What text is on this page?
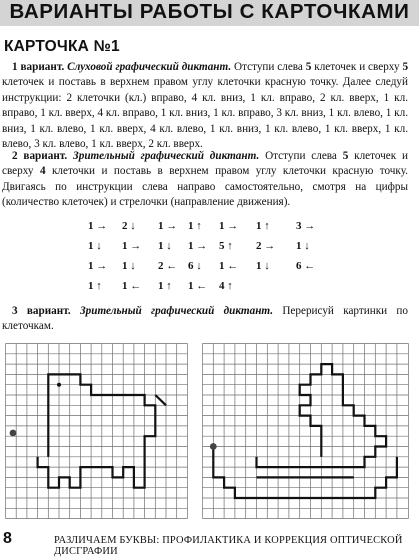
ВАРИАНТЫ РАБОТЫ С КАРТОЧКАМИ
КАРТОЧКА №1
1 вариант. Слуховой графический диктант. Отступи слева 5 клеточек и сверху 5 клеточек и поставь в верхнем правом углу клеточки красную точку. Далее следуй инструкции: 2 клеточки (кл.) вправо, 4 кл. вниз, 1 кл. вправо, 2 кл. вверх, 1 кл. вправо, 1 кл. вверх, 4 кл. вправо, 1 кл. вниз, 1 кл. вправо, 3 кл. вниз, 1 кл. влево, 1 кл. вниз, 1 кл. влево, 1 кл. вверх, 4 кл. влево, 1 кл. вниз, 1 кл. влево, 1 кл. вверх, 1 кл. влево, 3 кл. влево, 1 кл. вверх, 2 кл. вверх.
2 вариант. Зрительный графический диктант. Отступи слева 5 клеточек и сверху 4 клеточки и поставь в верхнем правом углу клеточки красную точку. Двигаясь по инструкции слева направо самостоятельно, смотря на цифры (количество клеточек) и стрелочки (направление движения).
1 →	2 ↓	1 → 1 ↑	1 →	1 ↑	3 →
1 ↓	1 →	1 ↓	1 →	5 ↑	2 →	1 ↓
1 →	1 ↓	2 ← 6 ↓	1 ←	1 ↓	6 ←
1 ↑	1 ←	1 ↑	1 ←	4 ↑
3 вариант. Зрительный графический диктант. Перерисуй картинки по клеточкам.
8	РАЗЛИЧАЕМ БУКВЫ: ПРОФИЛАКТИКА И КОРРЕКЦИЯ ОПТИЧЕСКОЙ ДИСГРАФИИ
